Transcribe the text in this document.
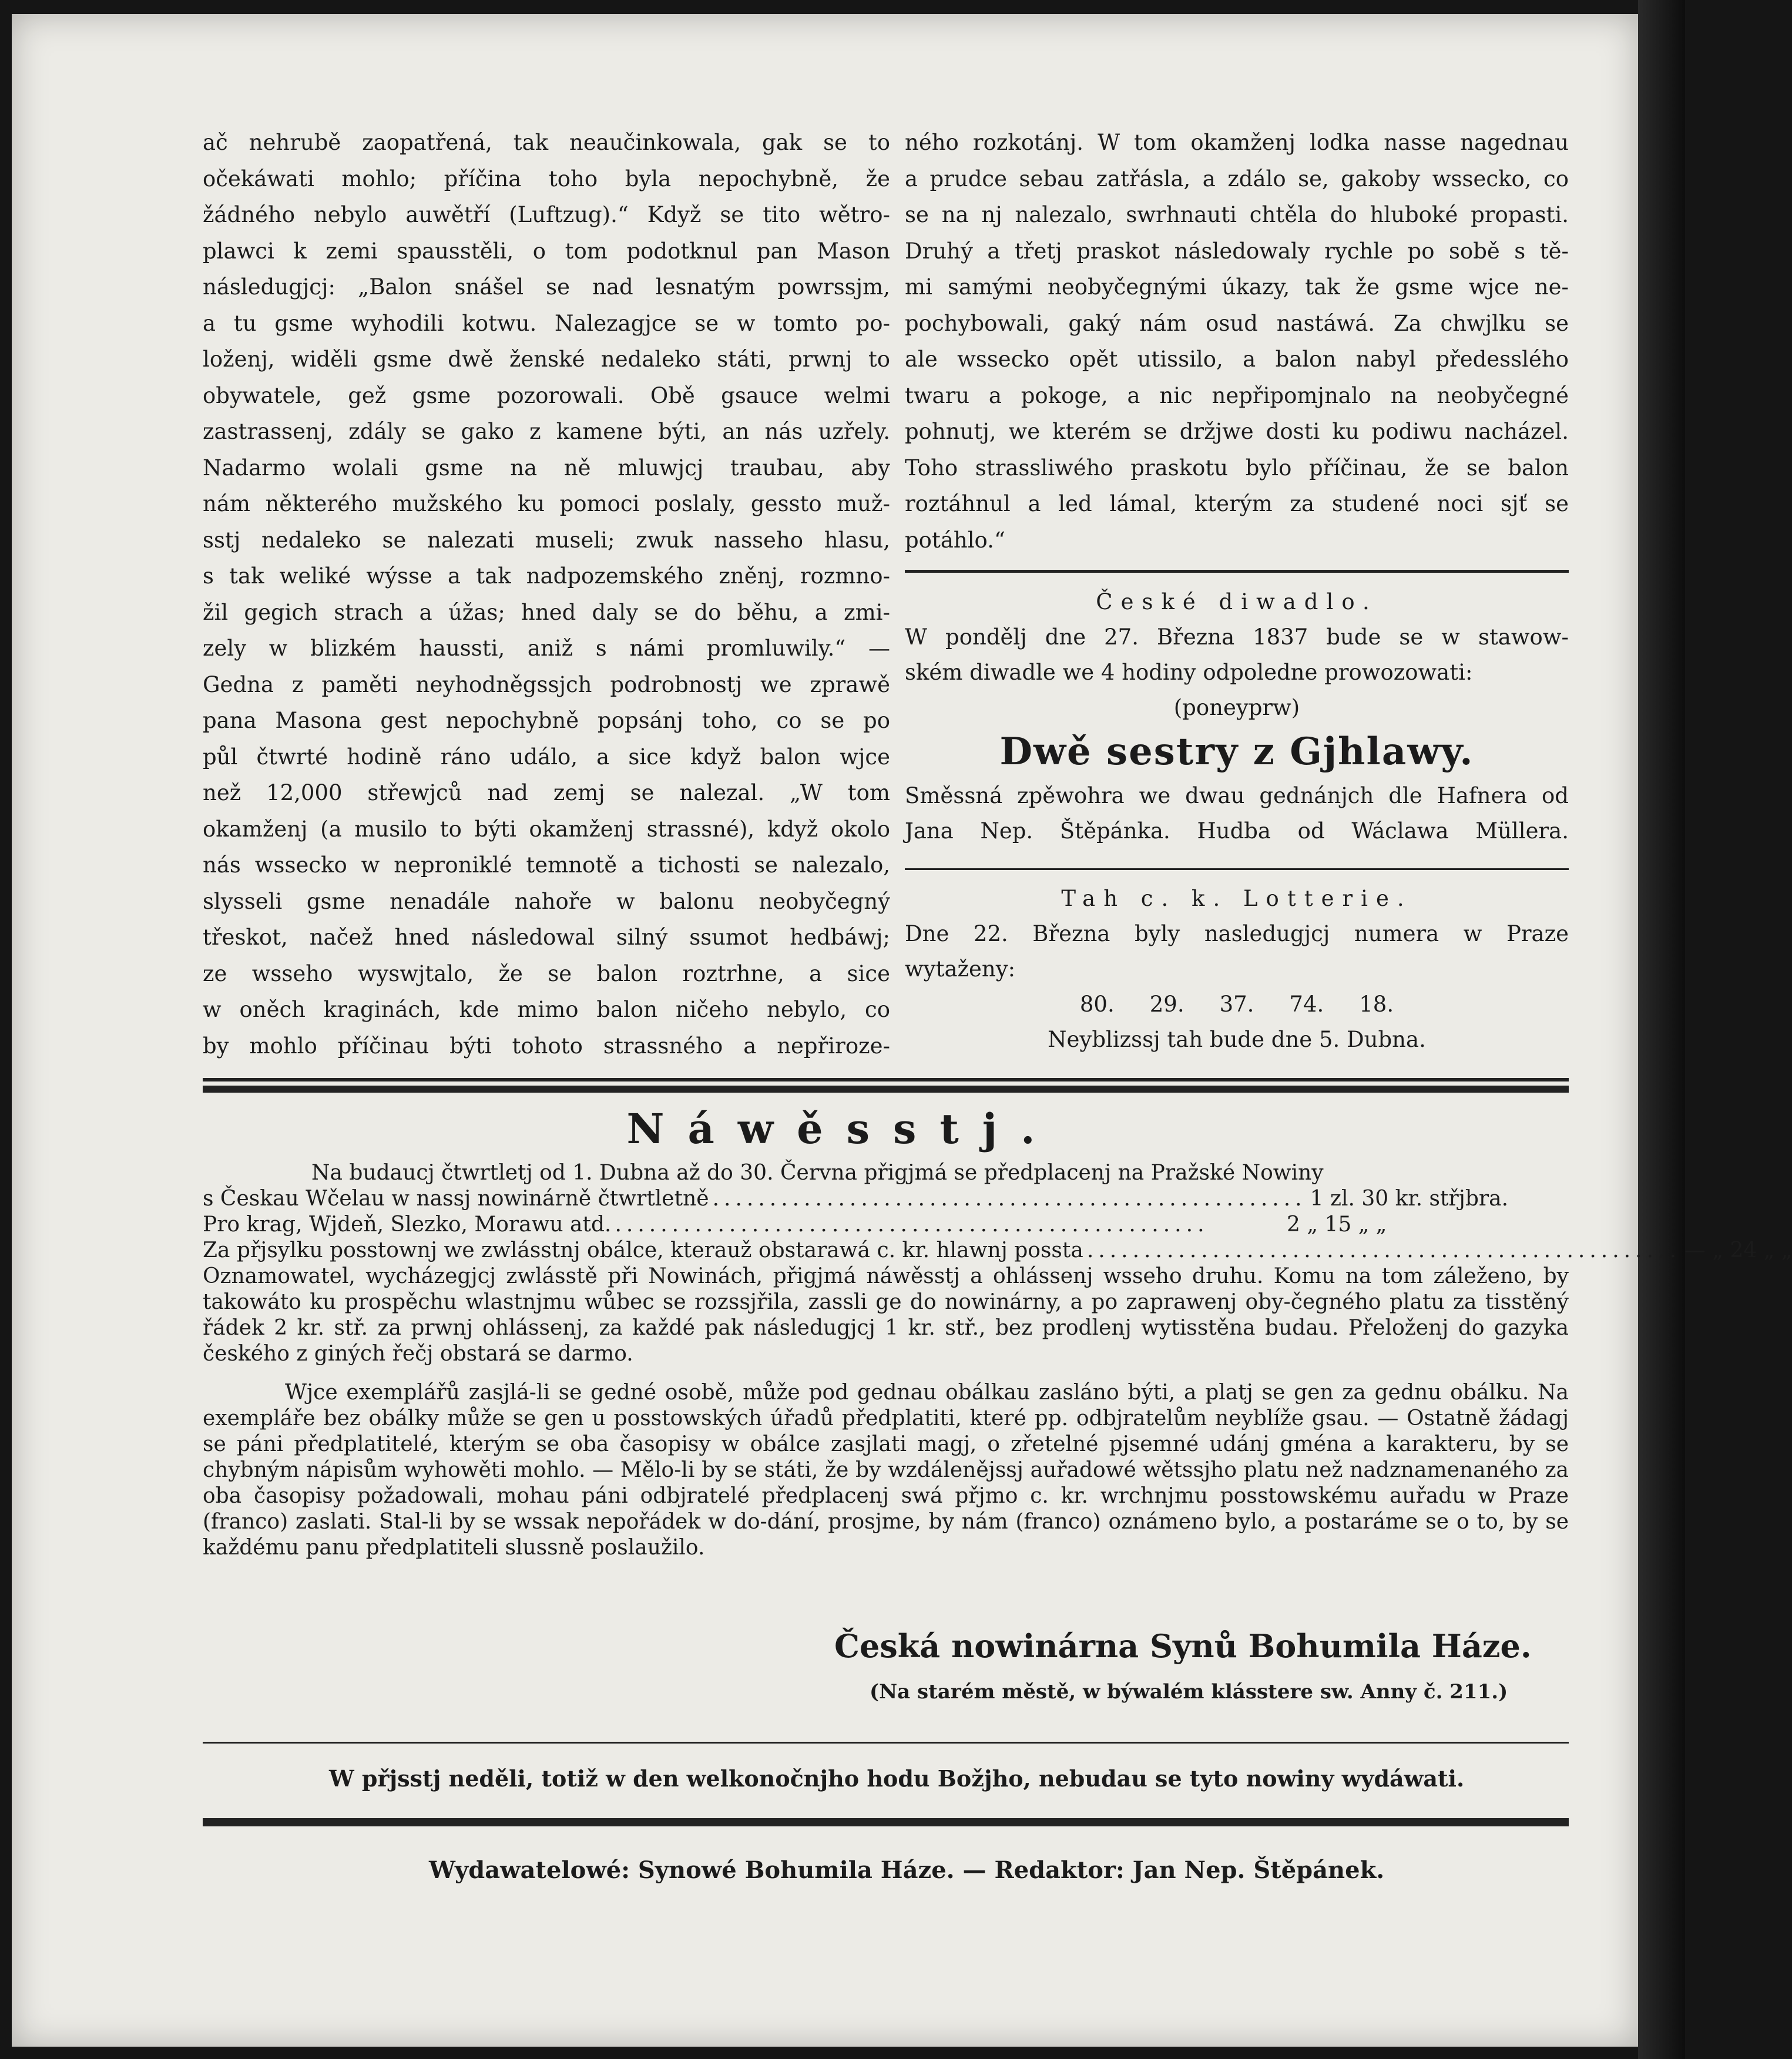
ač nehrubě zaopatřená, tak neaučinkowala, gak se to

očekáwati mohlo; příčina toho byla nepochybně, že

žádného nebylo auwětří (Luftzug).“ Když se tito wětro-

plawci k zemi spausstěli, o tom podotknul pan Mason

následugjcj: „Balon snášel se nad lesnatým powrssjm,

a tu gsme wyhodili kotwu. Nalezagjce se w tomto po-

loženj, widěli gsme dwě ženské nedaleko státi, prwnj to

obywatele, gež gsme pozorowali. Obě gsauce welmi

zastrassenj, zdály se gako z kamene býti, an nás uzřely.

Nadarmo wolali gsme na ně mluwjcj traubau, aby

nám některého mužského ku pomoci poslaly, gessto muž-

sstj nedaleko se nalezati museli; zwuk nasseho hlasu,

s tak weliké wýsse a tak nadpozemského zněnj, rozmno-

žil gegich strach a úžas; hned daly se do běhu, a zmi-

zely w blizkém haussti, aniž s námi promluwily.“ —

Gedna z paměti neyhodněgssjch podrobnostj we zprawě

pana Masona gest nepochybně popsánj toho, co se po

půl čtwrté hodině ráno událo, a sice když balon wjce

než 12,000 střewjců nad zemj se nalezal. „W tom

okamženj (a musilo to býti okamženj strassné), když okolo

nás wsseckо w neproniklé temnotě a tichosti se nalezalo,

slysseli gsme nenadále nahoře w balonu neobyčegný

třeskot, načež hned následowal silný ssumot hedbáwj;

ze wsseho wyswjtalo, že se balon roztrhne, a sice

w oněch kraginách, kde mimo balon ničeho nebylo, co

by mohlo příčinau býti tohoto strassného a nepřiroze-

ného rozkotánj. W tom okamženj lodka nasse nagednau

a prudce sebau zatřásla, a zdálo se, gakoby wssecko, co

se na nj nalezalo, swrhnauti chtěla do hluboké propasti.

Druhý a třetj praskot následowaly rychle po sobě s tě-

mi samými neobyčegnými úkazy, tak že gsme wjce ne-

pochybowali, gaký nám osud nastáwá. Za chwjlku se

ale wssecko opět utissilo, a balon nabyl předesslého

twaru a pokoge, a nic nepřipomjnalo na neobyčegné

pohnutj, we kterém se držjwe dosti ku podiwu nacházel.

Toho strassliwého praskotu bylo příčinau, že se balon

roztáhnul a led lámal, kterým za studené noci sjť se

potáhlo.“

České diwadlo.

W pondělj dne 27. Března 1837 bude se w stawow-

ském diwadle we 4 hodiny odpoledne prowozowati:

(poneyprw)

Dwě sestry z Gjhlawy.

Směssná zpěwohra we dwau gednánjch dle Hafnera od

Jana Nep. Štěpánka. Hudba od Wáclawa Müllera.

Tah c. k. Lotterie.

Dne 22. Března byly nasledugjcj numera w Praze

wytaženy:

80. 29. 37. 74. 18.

Neyblizssj tah bude dne 5. Dubna.

Náwěsstj.

Na budaucj čtwrtletj od 1. Dubna až do 30. Června přigjmá se předplacenj na Pražské Nowiny

s Českau Wčelau w nassj nowinárně čtwrtletně .................................................... 1 zl. 30 kr. střjbra.
Pro krag, Wjdeň, Slezko, Morawu atd. ....................................................	2 „ 15 „ „
Za přjsylku posstownj we zwlásstnj obálce, kterauž obstarawá c. kr. hlawnj possta .................................................... — „ 24 „ „

Oznamowatel, wycházegjcj zwlásstě při Nowinách, přigjmá náwěsstj a ohlássenj wsseho druhu. Komu na tom záleženo, by takowáto ku prospěchu wlastnjmu wůbec se rozssjřila, zassli ge do nowinárny, a po zaprawenj oby-čegného platu za tisstěný řádek 2 kr. stř. za prwnj ohlássenj, za každé pak následugjcj 1 kr. stř., bez prodlenj wytisstěna budau. Přeloženj do gazyka českého z giných řečj obstará se darmo.

Wjce exemplářů zasjlá-li se gedné osobě, může pod gednau obálkau zasláno býti, a platj se gen za gednu obálku. Na exempláře bez obálky může se gen u posstowských úřadů předplatiti, které pp. odbjratelům neyblíže gsau. — Ostatně žádagj se páni předplatitelé, kterým se oba časopisy w obálce zasjlati magj, o zřetelné pjsemné udánj gména a karakteru, by se chybným nápisům wyhowěti mohlo. — Mělo-li by se státi, že by wzdálenějssj auřadowé wětssjho platu než nadznamenaného za oba časopisy požadowali, mohau páni odbjratelé předplacenj swá přjmo c. kr. wrchnjmu posstowskému auřadu w Praze (franco) zaslati. Stal-li by se wssak nepořádek w do-dání, prosjme, by nám (franco) oznámeno bylo, a postaráme se o to, by se každému panu předplatiteli slussně poslaužilo.

Česká nowinárna Synů Bohumila Háze.
(Na starém městě, w býwalém klásstere sw. Anny č. 211.)
W přjsstj neděli, totiž w den welkonočnjho hodu Božjho, nebudau se tyto nowiny wydáwati.
Wydawatelowé: Synowé Bohumila Háze. — Redaktor: Jan Nep. Štěpánek.
